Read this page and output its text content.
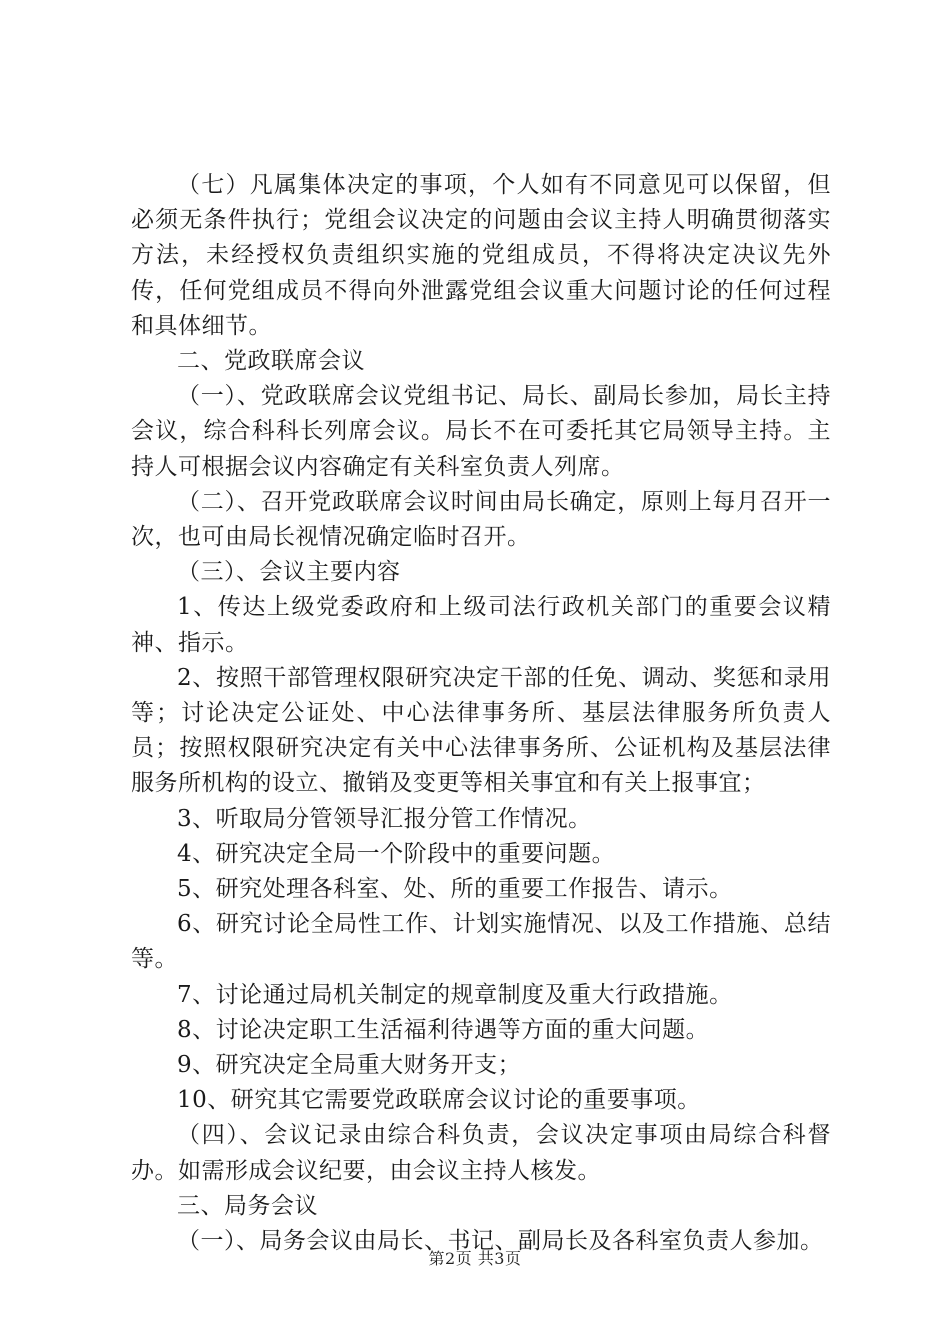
（七）凡属集体决定的事项，个人如有不同意见可以保留，但必须无条件执行；党组会议决定的问题由会议主持人明确贯彻落实方法，未经授权负责组织实施的党组成员，不得将决定决议先外传，任何党组成员不得向外泄露党组会议重大问题讨论的任何过程和具体细节。

二、党政联席会议

（一）、党政联席会议党组书记、局长、副局长参加，局长主持会议，综合科科长列席会议。局长不在可委托其它局领导主持。主持人可根据会议内容确定有关科室负责人列席。

（二）、召开党政联席会议时间由局长确定，原则上每月召开一次，也可由局长视情况确定临时召开。

（三）、会议主要内容

1、传达上级党委政府和上级司法行政机关部门的重要会议精神、指示。

2、按照干部管理权限研究决定干部的任免、调动、奖惩和录用等；讨论决定公证处、中心法律事务所、基层法律服务所负责人员；按照权限研究决定有关中心法律事务所、公证机构及基层法律服务所机构的设立、撤销及变更等相关事宜和有关上报事宜；

3、听取局分管领导汇报分管工作情况。

4、研究决定全局一个阶段中的重要问题。

5、研究处理各科室、处、所的重要工作报告、请示。

6、研究讨论全局性工作、计划实施情况、以及工作措施、总结等。

7、讨论通过局机关制定的规章制度及重大行政措施。

8、讨论决定职工生活福利待遇等方面的重大问题。

9、研究决定全局重大财务开支；

10、研究其它需要党政联席会议讨论的重要事项。

（四）、会议记录由综合科负责，会议决定事项由局综合科督办。如需形成会议纪要，由会议主持人核发。

三、局务会议

（一）、局务会议由局长、书记、副局长及各科室负责人参加。

第2页 共3页
